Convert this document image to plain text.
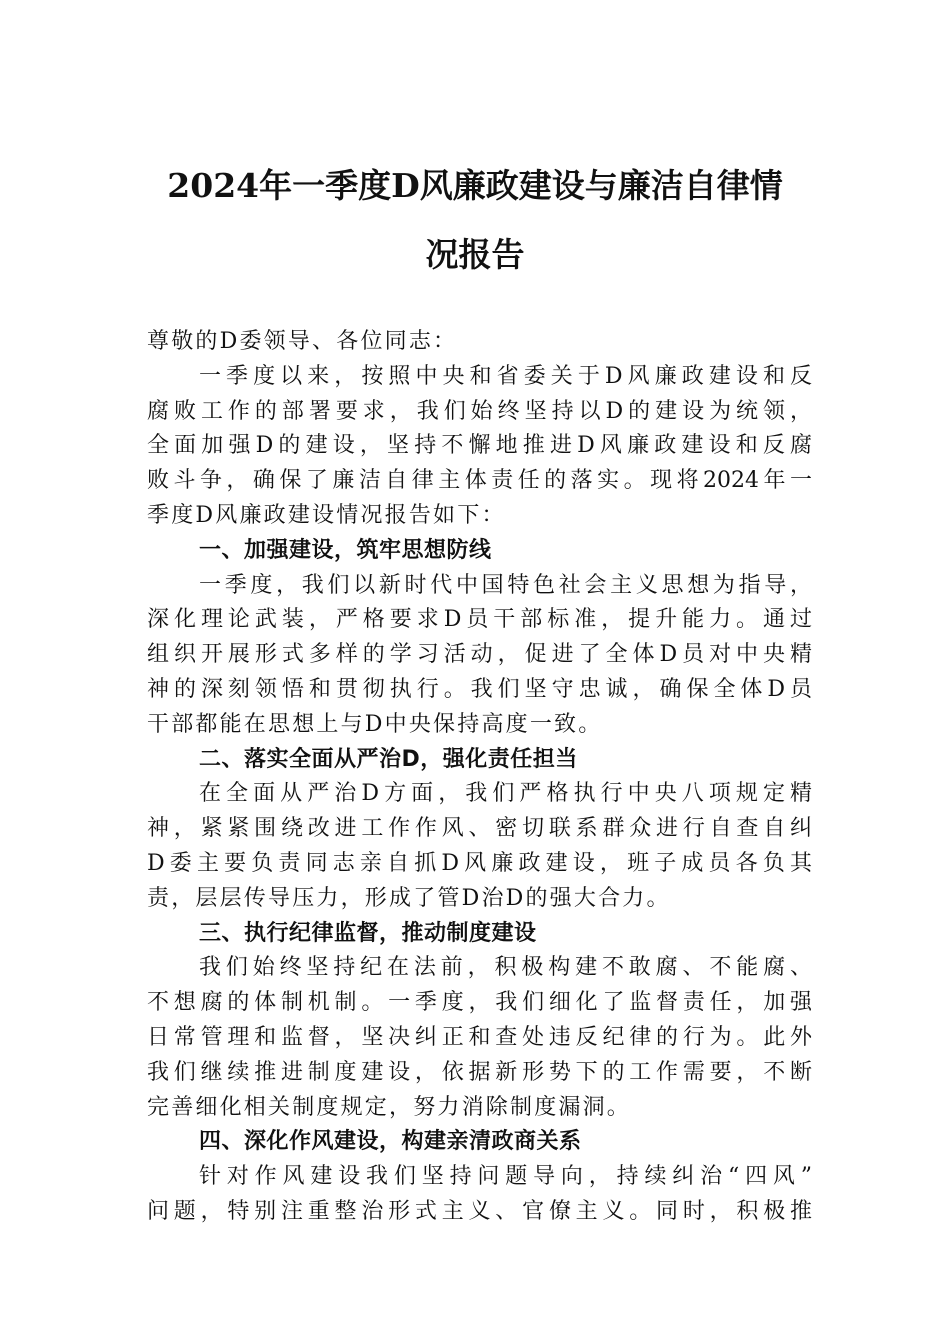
2024年一季度D风廉政建设与廉洁自律情
况报告
尊敬的D委领导、各位同志：
一季度以来，按照中央和省委关于D风廉政建设和反
腐败工作的部署要求，我们始终坚持以D的建设为统领，
全面加强D的建设，坚持不懈地推进D风廉政建设和反腐
败斗争，确保了廉洁自律主体责任的落实。现将2024年一
季度D风廉政建设情况报告如下：
一、加强建设，筑牢思想防线
一季度，我们以新时代中国特色社会主义思想为指导，
深化理论武装，严格要求D员干部标准，提升能力。通过
组织开展形式多样的学习活动，促进了全体D员对中央精
神的深刻领悟和贯彻执行。我们坚守忠诚，确保全体D员
干部都能在思想上与D中央保持高度一致。
二、落实全面从严治D，强化责任担当
在全面从严治D方面，我们严格执行中央八项规定精
神，紧紧围绕改进工作作风、密切联系群众进行自查自纠
D委主要负责同志亲自抓D风廉政建设，班子成员各负其
责，层层传导压力，形成了管D治D的强大合力。
三、执行纪律监督，推动制度建设
我们始终坚持纪在法前，积极构建不敢腐、不能腐、
不想腐的体制机制。一季度，我们细化了监督责任，加强
日常管理和监督，坚决纠正和查处违反纪律的行为。此外
我们继续推进制度建设，依据新形势下的工作需要，不断
完善细化相关制度规定，努力消除制度漏洞。
四、深化作风建设，构建亲清政商关系
针对作风建设我们坚持问题导向，持续纠治“四风”
问题，特别注重整治形式主义、官僚主义。同时，积极推
